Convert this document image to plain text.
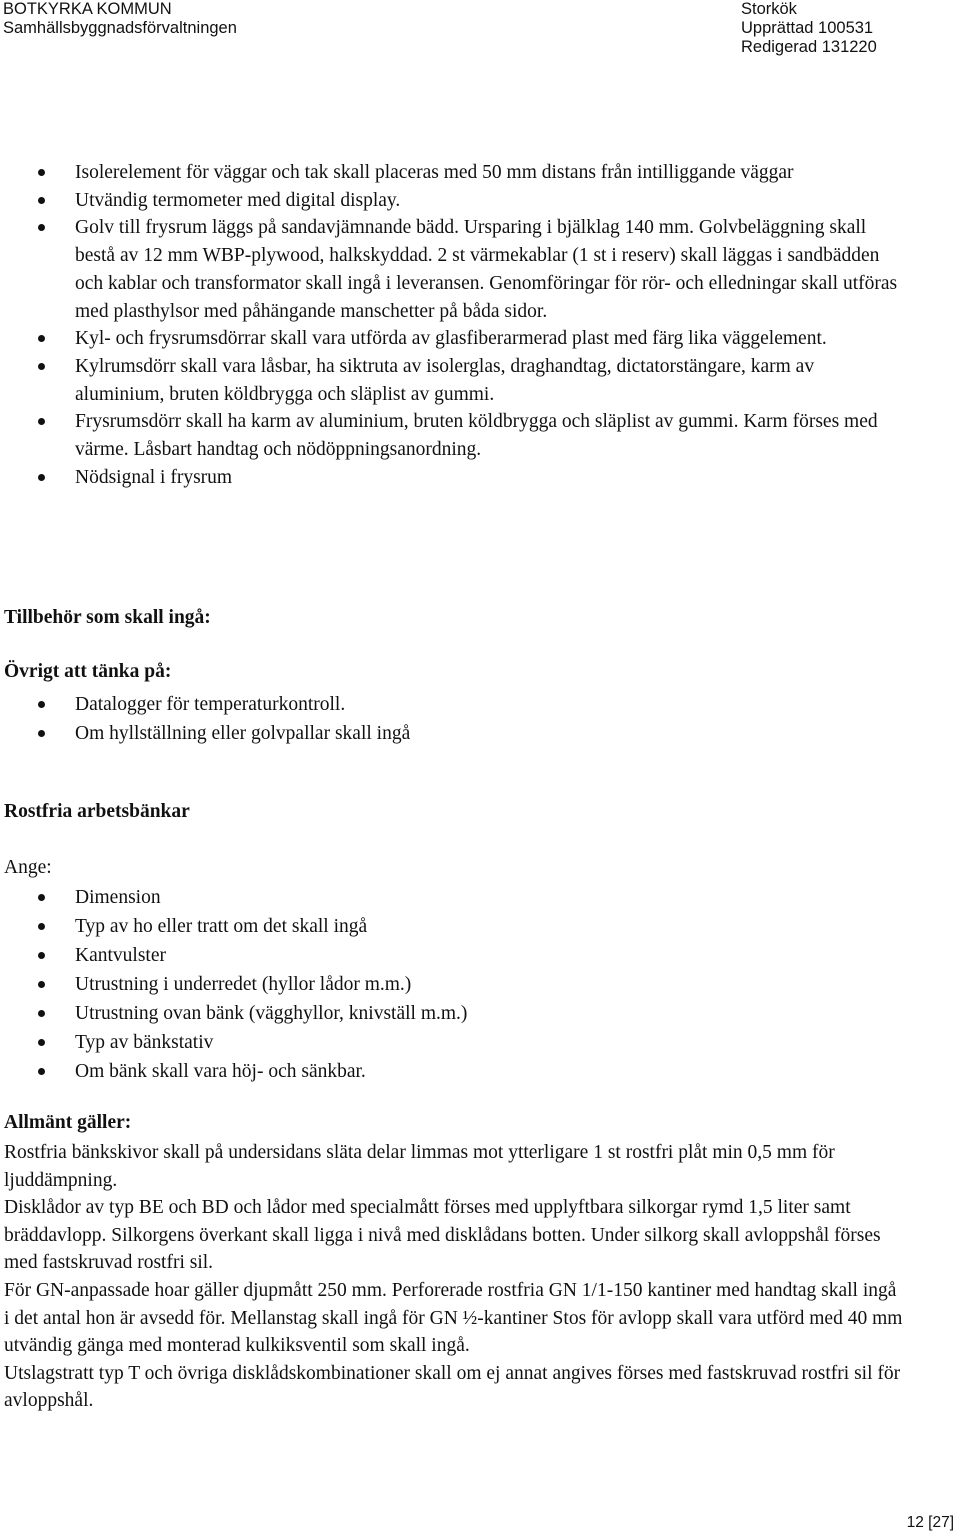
BOTKYRKA KOMMUN
Samhällsbyggnadsförvaltningen
Storkök
Upprättad 100531
Redigerad 131220
Isolerelement för väggar och tak skall placeras med 50 mm distans från intilliggande väggar
Utvändig termometer med digital display.
Golv till frysrum läggs på sandavjämnande bädd. Ursparing i bjälklag 140 mm. Golvbeläggning skall bestå av 12 mm WBP-plywood, halkskyddad. 2 st värmekablar (1 st i reserv) skall läggas i sandbädden och kablar och transformator skall ingå i leveransen. Genomföringar för rör- och elledningar skall utföras med plasthylsor med påhängande manschetter på båda sidor.
Kyl- och frysrumsdörrar skall vara utförda av glasfiberarmerad plast med färg lika väggelement.
Kylrumsdörr skall vara låsbar, ha siktruta av isolerglas, draghandtag, dictatorstängare, karm av aluminium, bruten köldbrygga och släplist av gummi.
Frysrumsdörr skall ha karm av aluminium, bruten köldbrygga och släplist av gummi. Karm förses med värme. Låsbart handtag och nödöppningsanordning.
Nödsignal i frysrum
Tillbehör som skall ingå:
Övrigt att tänka på:
Datalogger för temperaturkontroll.
Om hyllställning eller golvpallar skall ingå
Rostfria arbetsbänkar
Ange:
Dimension
Typ av ho eller tratt om det skall ingå
Kantvulster
Utrustning i underredet (hyllor lådor m.m.)
Utrustning ovan bänk (vägghyllor, knivställ m.m.)
Typ av bänkstativ
Om bänk skall vara höj- och sänkbar.
Allmänt gäller:

Rostfria bänkskivor skall på undersidans släta delar limmas mot ytterligare 1 st rostfri plåt min 0,5 mm för ljuddämpning.

Disklådor av typ BE och BD och lådor med specialmått förses med upplyftbara silkorgar rymd 1,5 liter samt bräddavlopp. Silkorgens överkant skall ligga i nivå med disklådans botten. Under silkorg skall avloppshål förses med fastskruvad rostfri sil.

För GN-anpassade hoar gäller djupmått 250 mm. Perforerade rostfria GN 1/1-150 kantiner med handtag skall ingå i det antal hon är avsedd för. Mellanstag skall ingå för GN ½-kantiner Stos för avlopp skall vara utförd med 40 mm utvändig gänga med monterad kulkiksventil som skall ingå.

Utslagstratt typ T och övriga disklådskombinationer skall om ej annat angives förses med fastskruvad rostfri sil för avloppshål.

12 [27]
